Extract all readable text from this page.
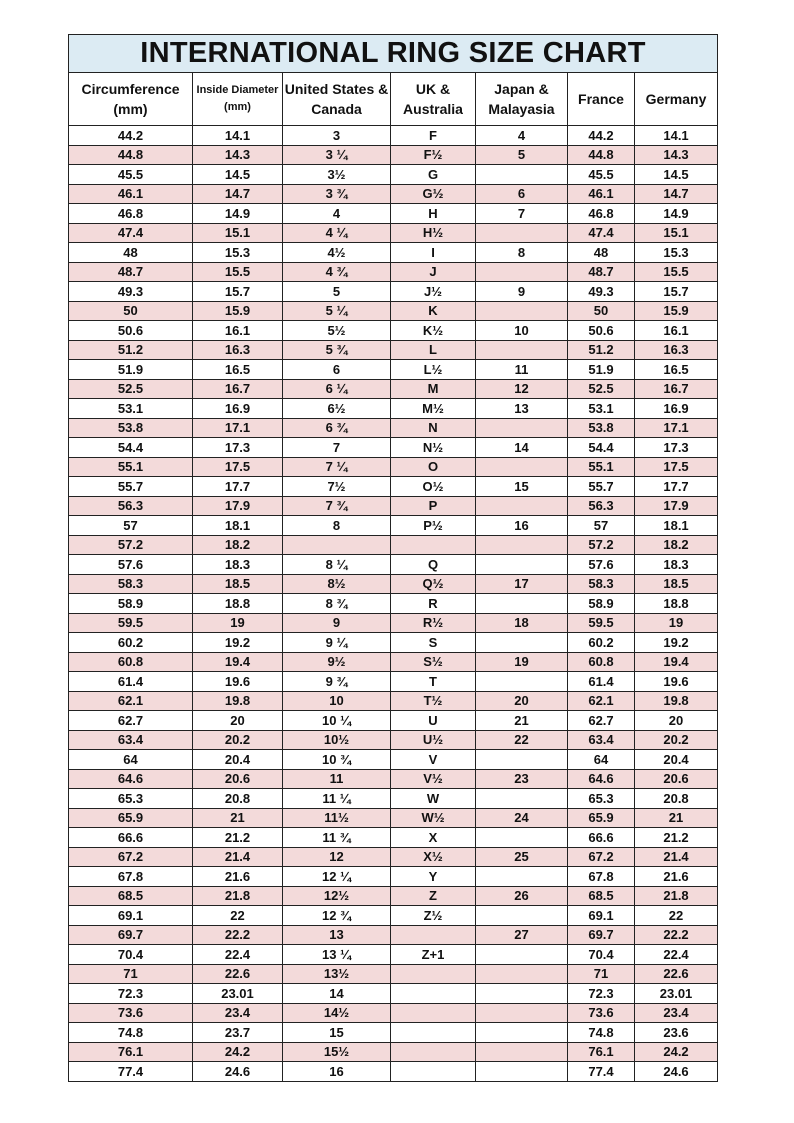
INTERNATIONAL RING SIZE CHART						
Circumference (mm)	Inside Diameter (mm)	United States & Canada	UK & Australia	Japan & Malayasia	France	Germany
44.2	14.1	3	F	4	44.2	14.1
44.8	14.3	3 ¼	F½	5	44.8	14.3
45.5	14.5	3½	G		45.5	14.5
46.1	14.7	3 ¾	G½	6	46.1	14.7
46.8	14.9	4	H	7	46.8	14.9
47.4	15.1	4 ¼	H½		47.4	15.1
48	15.3	4½	I	8	48	15.3
48.7	15.5	4 ¾	J		48.7	15.5
49.3	15.7	5	J½	9	49.3	15.7
50	15.9	5 ¼	K		50	15.9
50.6	16.1	5½	K½	10	50.6	16.1
51.2	16.3	5 ¾	L		51.2	16.3
51.9	16.5	6	L½	11	51.9	16.5
52.5	16.7	6 ¼	M	12	52.5	16.7
53.1	16.9	6½	M½	13	53.1	16.9
53.8	17.1	6 ¾	N		53.8	17.1
54.4	17.3	7	N½	14	54.4	17.3
55.1	17.5	7 ¼	O		55.1	17.5
55.7	17.7	7½	O½	15	55.7	17.7
56.3	17.9	7 ¾	P		56.3	17.9
57	18.1	8	P½	16	57	18.1
57.2	18.2				57.2	18.2
57.6	18.3	8 ¼	Q		57.6	18.3
58.3	18.5	8½	Q½	17	58.3	18.5
58.9	18.8	8 ¾	R		58.9	18.8
59.5	19	9	R½	18	59.5	19
60.2	19.2	9 ¼	S		60.2	19.2
60.8	19.4	9½	S½	19	60.8	19.4
61.4	19.6	9 ¾	T		61.4	19.6
62.1	19.8	10	T½	20	62.1	19.8
62.7	20	10 ¼	U	21	62.7	20
63.4	20.2	10½	U½	22	63.4	20.2
64	20.4	10 ¾	V		64	20.4
64.6	20.6	11	V½	23	64.6	20.6
65.3	20.8	11 ¼	W		65.3	20.8
65.9	21	11½	W½	24	65.9	21
66.6	21.2	11 ¾	X		66.6	21.2
67.2	21.4	12	X½	25	67.2	21.4
67.8	21.6	12 ¼	Y		67.8	21.6
68.5	21.8	12½	Z	26	68.5	21.8
69.1	22	12 ¾	Z½		69.1	22
69.7	22.2	13		27	69.7	22.2
70.4	22.4	13 ¼	Z+1		70.4	22.4
71	22.6	13½			71	22.6
72.3	23.01	14			72.3	23.01
73.6	23.4	14½			73.6	23.4
74.8	23.7	15			74.8	23.6
76.1	24.2	15½			76.1	24.2
77.4	24.6	16			77.4	24.6
